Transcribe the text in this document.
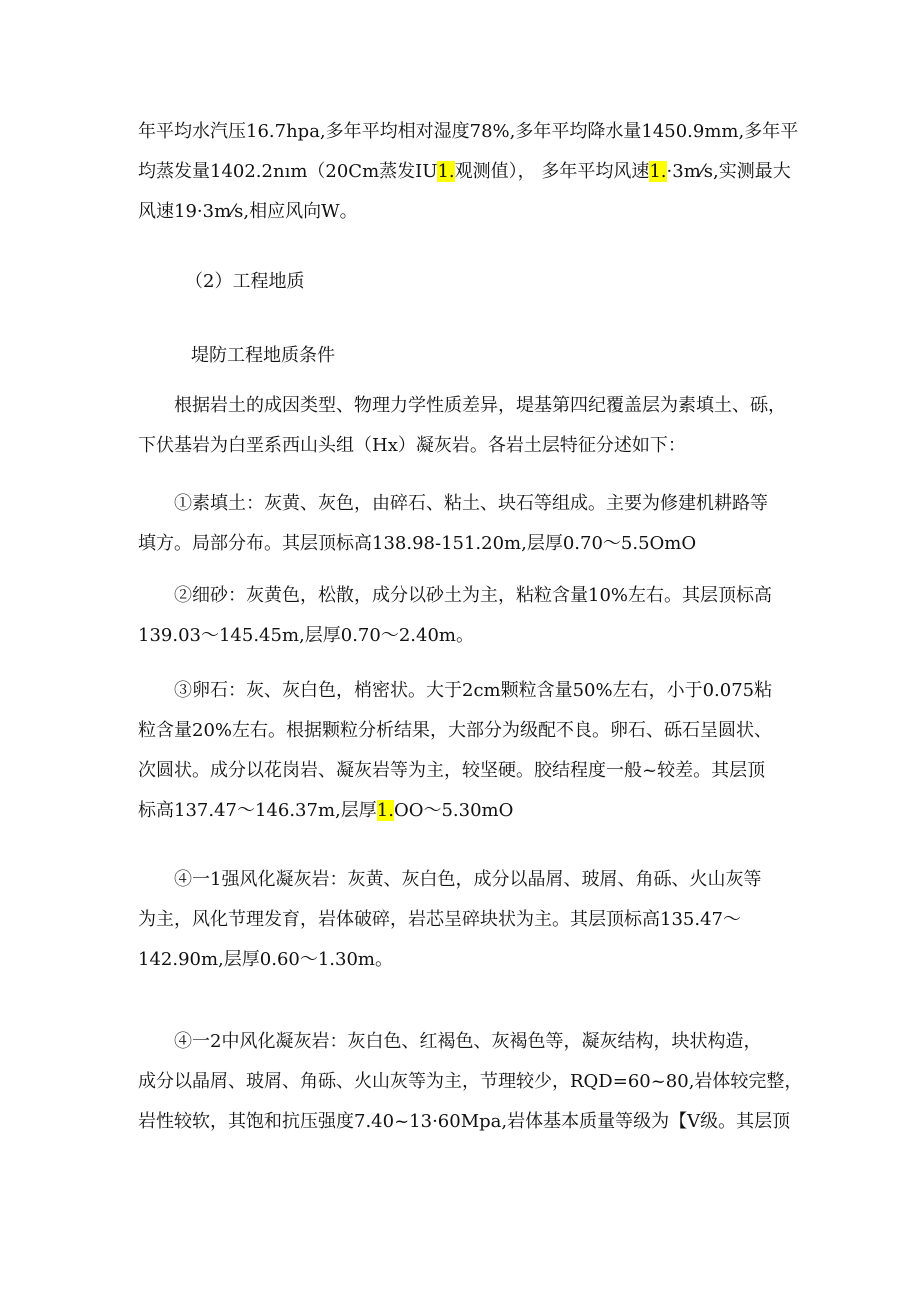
年平均水汽压16.7hpa,多年平均相对湿度78%,多年平均降水量1450.9mm,多年平
均蒸发量1402.2nım（20Cm蒸发IU1.观测值）， 多年平均风速1.·3m⁄s,实测最大
风速19·3m⁄s,相应风向W。
（2）工程地质
堤防工程地质条件
根据岩土的成因类型、物理力学性质差异，堤基第四纪覆盖层为素填土、砾，
下伏基岩为白垩系西山头组（Hx）凝灰岩。各岩土层特征分述如下：
①素填土：灰黄、灰色，由碎石、粘土、块石等组成。主要为修建机耕路等
填方。局部分布。其层顶标高138.98-151.20m,层厚0.70～5.5OmO
②细砂：灰黄色，松散，成分以砂土为主，粘粒含量10%左右。其层顶标高
139.03～145.45m,层厚0.70～2.40m。
③卵石：灰、灰白色，梢密状。大于2cm颗粒含量50%左右，小于0.075粘
粒含量20%左右。根据颗粒分析结果，大部分为级配不良。卵石、砾石呈圆状、
次圆状。成分以花岗岩、凝灰岩等为主，较坚硬。胶结程度一般~较差。其层顶
标高137.47～146.37m,层厚1.OO～5.30mO
④一1强风化凝灰岩：灰黄、灰白色，成分以晶屑、玻屑、角砾、火山灰等
为主，风化节理发育，岩体破碎，岩芯呈碎块状为主。其层顶标高135.47～
142.90m,层厚0.60～1.30m。
④一2中风化凝灰岩：灰白色、红褐色、灰褐色等，凝灰结构，块状构造，
成分以晶屑、玻屑、角砾、火山灰等为主，节理较少，RQD=60~80,岩体较完整，
岩性较软，其饱和抗压强度7.40~13·60Mpa,岩体基本质量等级为【V级。其层顶
